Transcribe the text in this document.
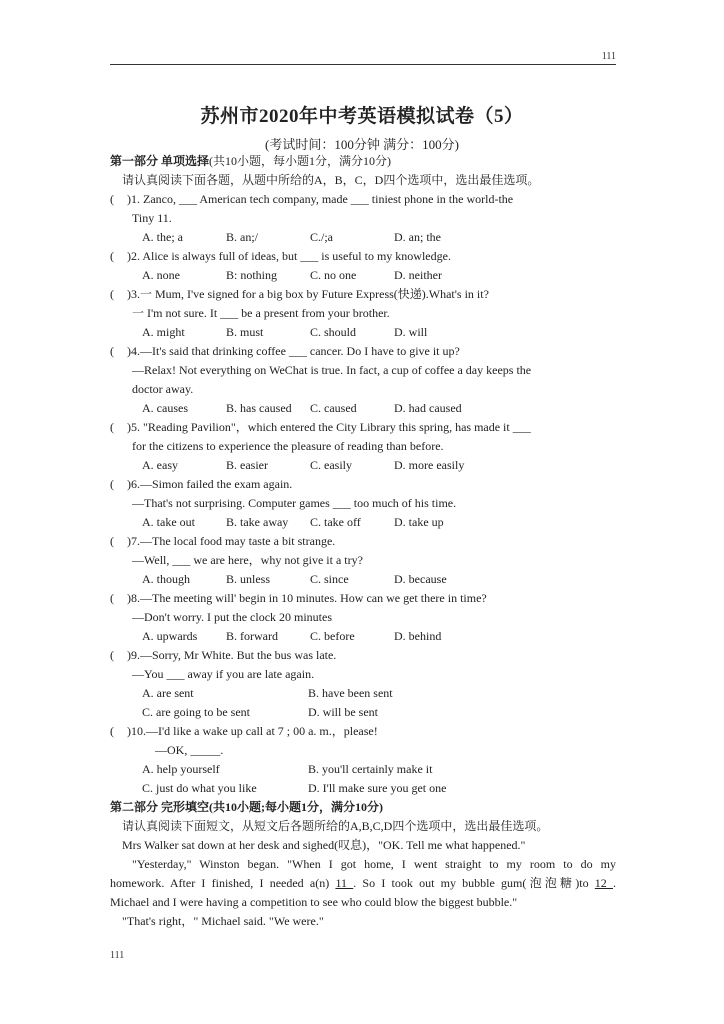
111
苏州市2020年中考英语模拟试卷（5）
(考试时间：100分钟 满分：100分)
第一部分 单项选择(共10小题，每小题1分，满分10分)
请认真阅读下面各题，从题中所给的A，B，C，D四个选项中，选出最佳选项。
( )1. Zanco, ___ American tech company, made ___ tiniest phone in the world-the
Tiny 11.
A. the; a	B. an;/	C./;a	D. an; the
( )2. Alice is always full of ideas, but ___ is useful to my knowledge.
A. none	B: nothing	C. no one	D. neither
( )3.一 Mum, I've signed for a big box by Future Express(快递).What's in it?
一 I'm not sure. It ___ be a present from your brother.
A. might	B. must	C. should	D. will
( )4.—It's said that drinking coffee ___ cancer. Do I have to give it up?
—Relax! Not everything on WeChat is true. In fact, a cup of coffee a day keeps the
doctor away.
A. causes	B. has caused C. caused	D. had caused
( )5. "Reading Pavilion"，which entered the City Library this spring, has made it ___
for the citizens to experience the pleasure of reading than before.
A. easy	B. easier	C. easily	D. more easily
( )6.—Simon failed the exam again.
—That's not surprising. Computer games ___ too much of his time.
A. take out	B. take away C. take off	D. take up
( )7.—The local food may taste a bit strange.
—Well, ___ we are here，why not give it a try?
A. though	B. unless	C. since	D. because
( )8.—The meeting will' begin in 10 minutes. How can we get there in time?
—Don't worry. I put the clock 20 minutes
A. upwards B. forward	C. before	D. behind
( )9.—Sorry, Mr White. But the bus was late.
—You ___ away if you are late again.
A. are sent	B. have been sent
C. are going to be sent	D. will be sent
( )10.—I'd like a wake up call at 7 ; 00 a. m.，please!
—OK, _____.
A. help yourself	B. you'll certainly make it
C. just do what you like	D. I'll make sure you get one
第二部分 完形填空(共10小题;每小题1分，满分10分)
请认真阅读下面短文，从短文后各题所给的A,B,C,D四个选项中，选出最佳选项。
Mrs Walker sat down at her desk and sighed(叹息)，"OK. Tell me what happened."
"Yesterday," Winston began. "When I got home, I went straight to my room to do my
homework. After I finished, I needed a(n) 11 . So I took out my bubble gum(泡泡糖)to 12 .
Michael and I were having a competition to see who could blow the biggest bubble."
"That's right，" Michael said. "We were."
111
